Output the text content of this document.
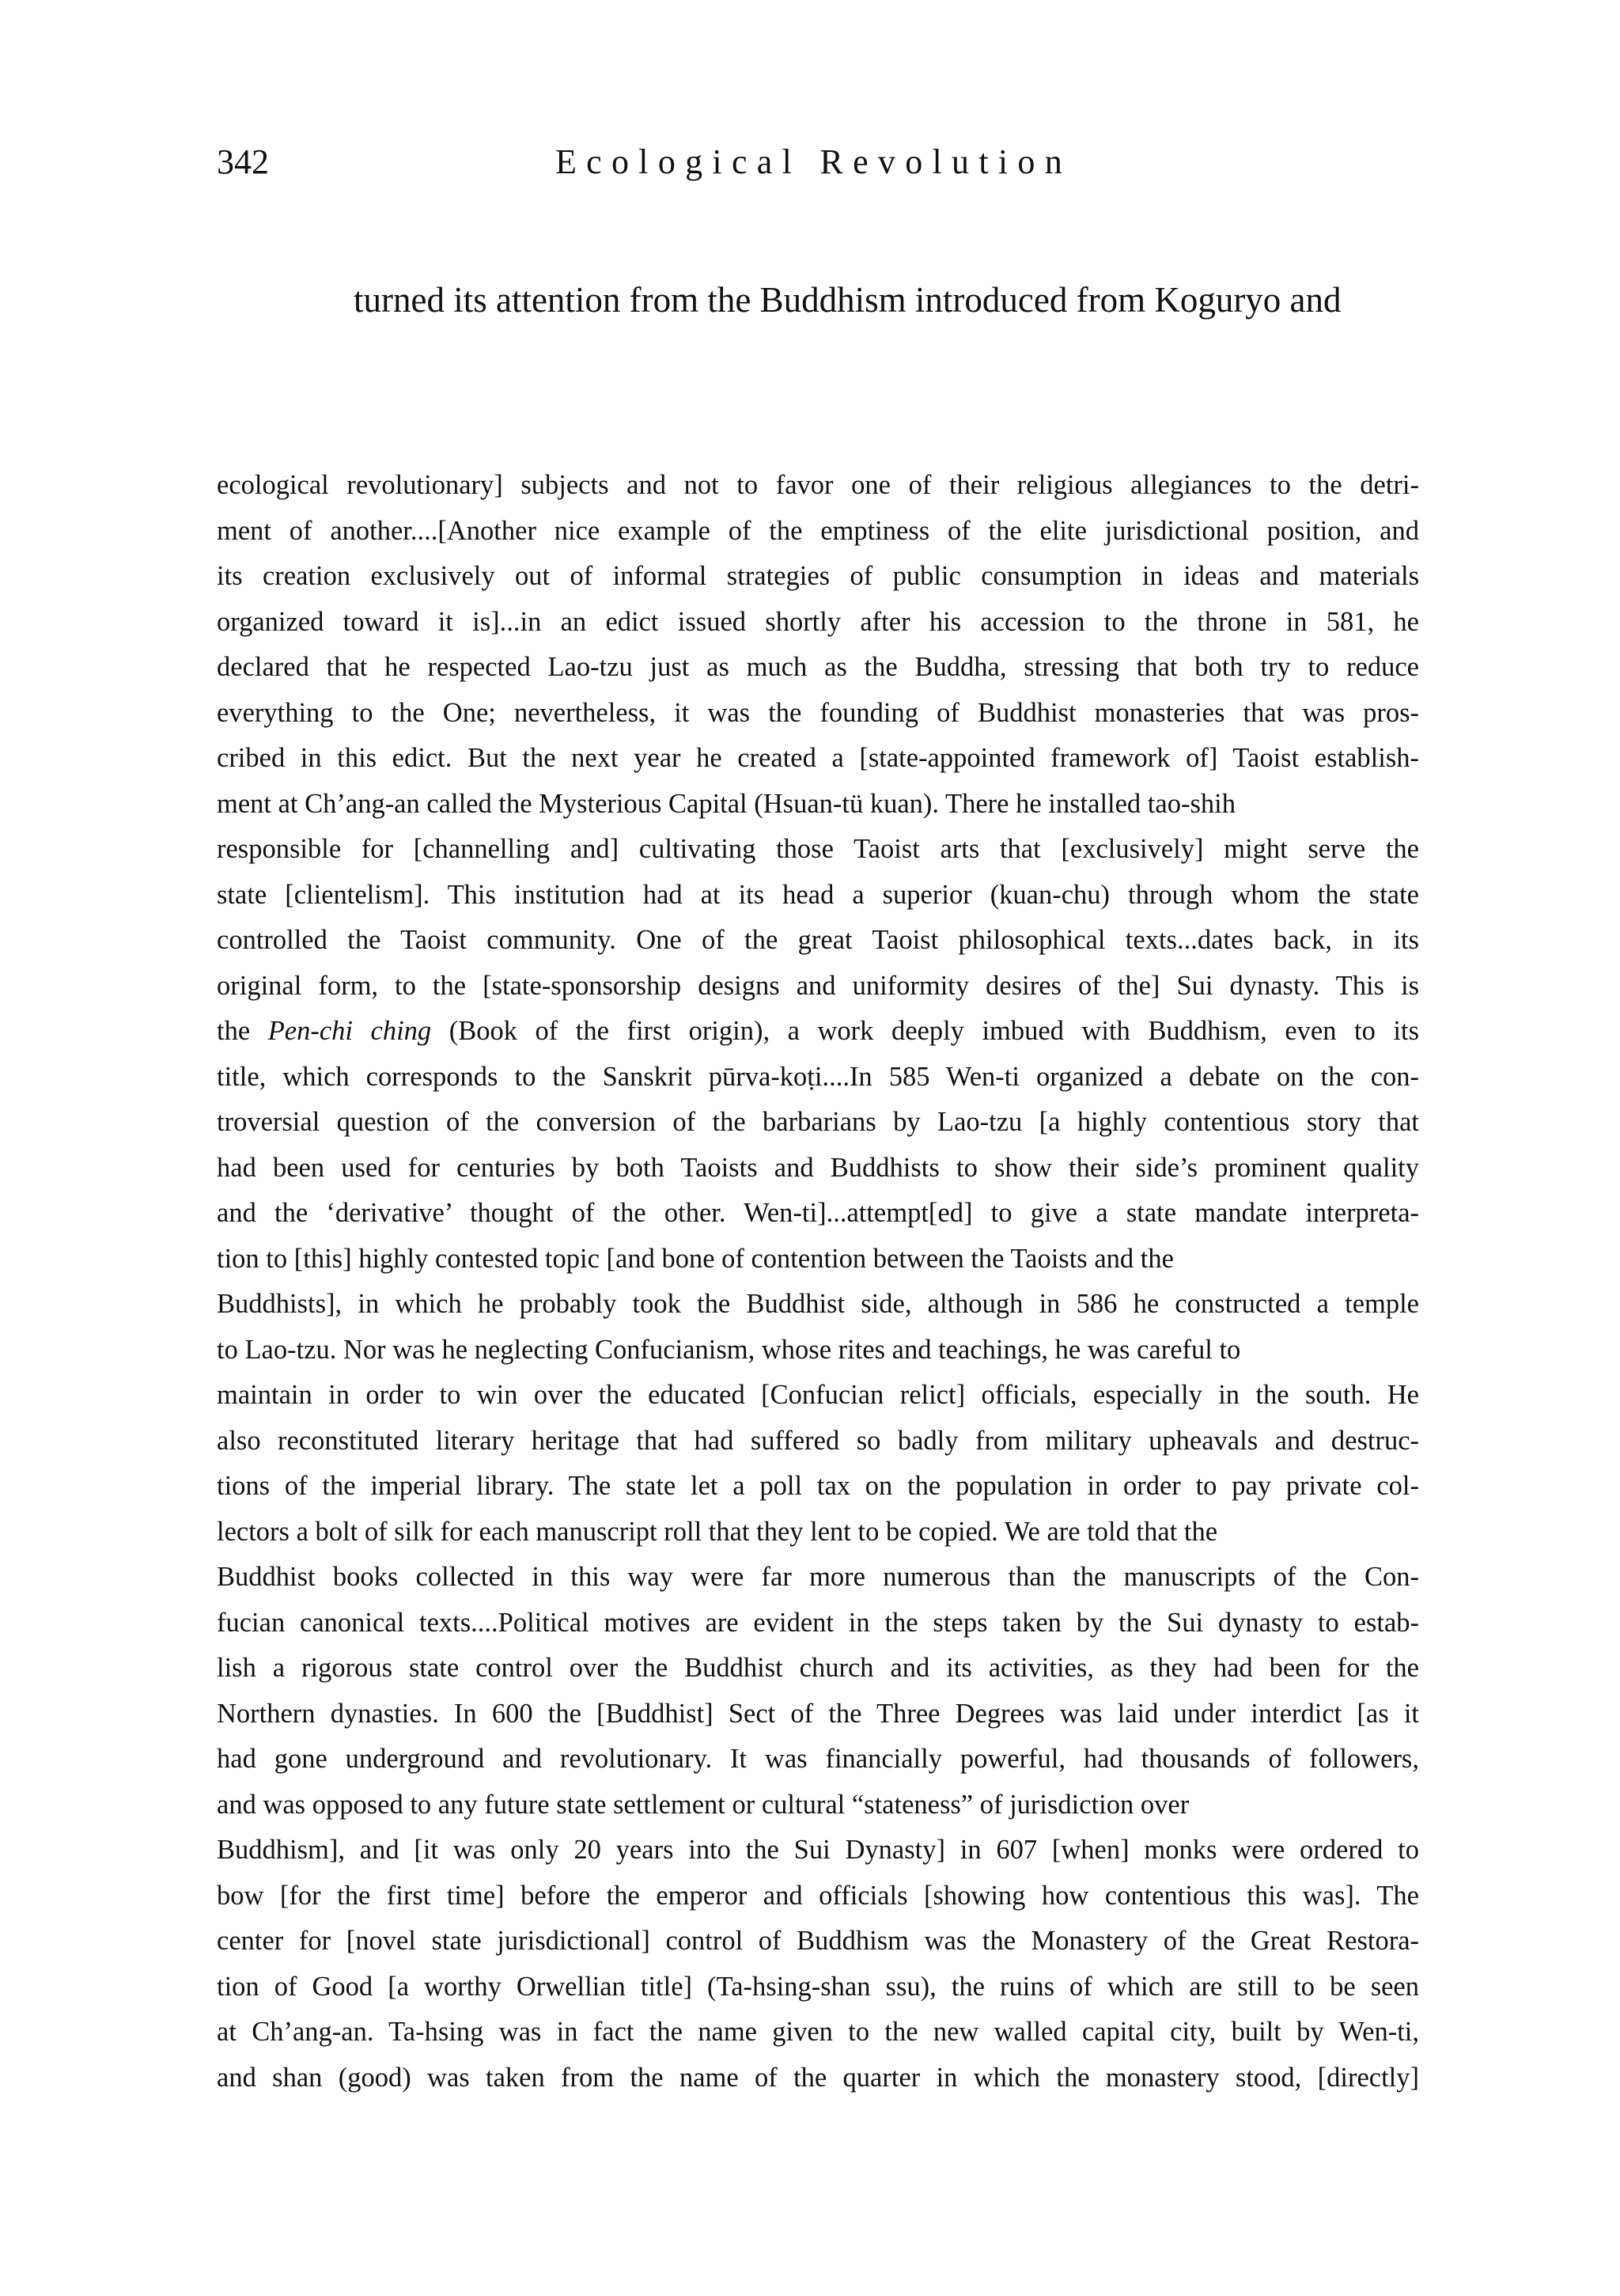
342	Ecological Revolution
turned its attention from the Buddhism introduced from Koguryo and
ecological revolutionary] subjects and not to favor one of their religious allegiances to the detri-
ment of another....[Another nice example of the emptiness of the elite jurisdictional position, and
its creation exclusively out of informal strategies of public consumption in ideas and materials
organized toward it is]...in an edict issued shortly after his accession to the throne in 581, he
declared that he respected Lao-tzu just as much as the Buddha, stressing that both try to reduce
everything to the One; nevertheless, it was the founding of Buddhist monasteries that was pros-
cribed in this edict. But the next year he created a [state-appointed framework of] Taoist establish-
ment at Ch’ang-an called the Mysterious Capital (Hsuan-tü kuan). There he installed tao-shih
responsible for [channelling and] cultivating those Taoist arts that [exclusively] might serve the
state [clientelism]. This institution had at its head a superior (kuan-chu) through whom the state
controlled the Taoist community. One of the great Taoist philosophical texts...dates back, in its
original form, to the [state-sponsorship designs and uniformity desires of the] Sui dynasty. This is
the Pen-chi ching (Book of the first origin), a work deeply imbued with Buddhism, even to its
title, which corresponds to the Sanskrit pūrva-koṭi....In 585 Wen-ti organized a debate on the con-
troversial question of the conversion of the barbarians by Lao-tzu [a highly contentious story that
had been used for centuries by both Taoists and Buddhists to show their side’s prominent quality
and the ‘derivative’ thought of the other. Wen-ti]...attempt[ed] to give a state mandate interpreta-
tion to [this] highly contested topic [and bone of contention between the Taoists and the
Buddhists], in which he probably took the Buddhist side, although in 586 he constructed a temple
to Lao-tzu. Nor was he neglecting Confucianism, whose rites and teachings, he was careful to
maintain in order to win over the educated [Confucian relict] officials, especially in the south. He
also reconstituted literary heritage that had suffered so badly from military upheavals and destruc-
tions of the imperial library. The state let a poll tax on the population in order to pay private col-
lectors a bolt of silk for each manuscript roll that they lent to be copied. We are told that the
Buddhist books collected in this way were far more numerous than the manuscripts of the Con-
fucian canonical texts....Political motives are evident in the steps taken by the Sui dynasty to estab-
lish a rigorous state control over the Buddhist church and its activities, as they had been for the
Northern dynasties. In 600 the [Buddhist] Sect of the Three Degrees was laid under interdict [as it
had gone underground and revolutionary. It was financially powerful, had thousands of followers,
and was opposed to any future state settlement or cultural “stateness” of jurisdiction over
Buddhism], and [it was only 20 years into the Sui Dynasty] in 607 [when] monks were ordered to
bow [for the first time] before the emperor and officials [showing how contentious this was]. The
center for [novel state jurisdictional] control of Buddhism was the Monastery of the Great Restora-
tion of Good [a worthy Orwellian title] (Ta-hsing-shan ssu), the ruins of which are still to be seen
at Ch’ang-an. Ta-hsing was in fact the name given to the new walled capital city, built by Wen-ti,
and shan (good) was taken from the name of the quarter in which the monastery stood, [directly]
